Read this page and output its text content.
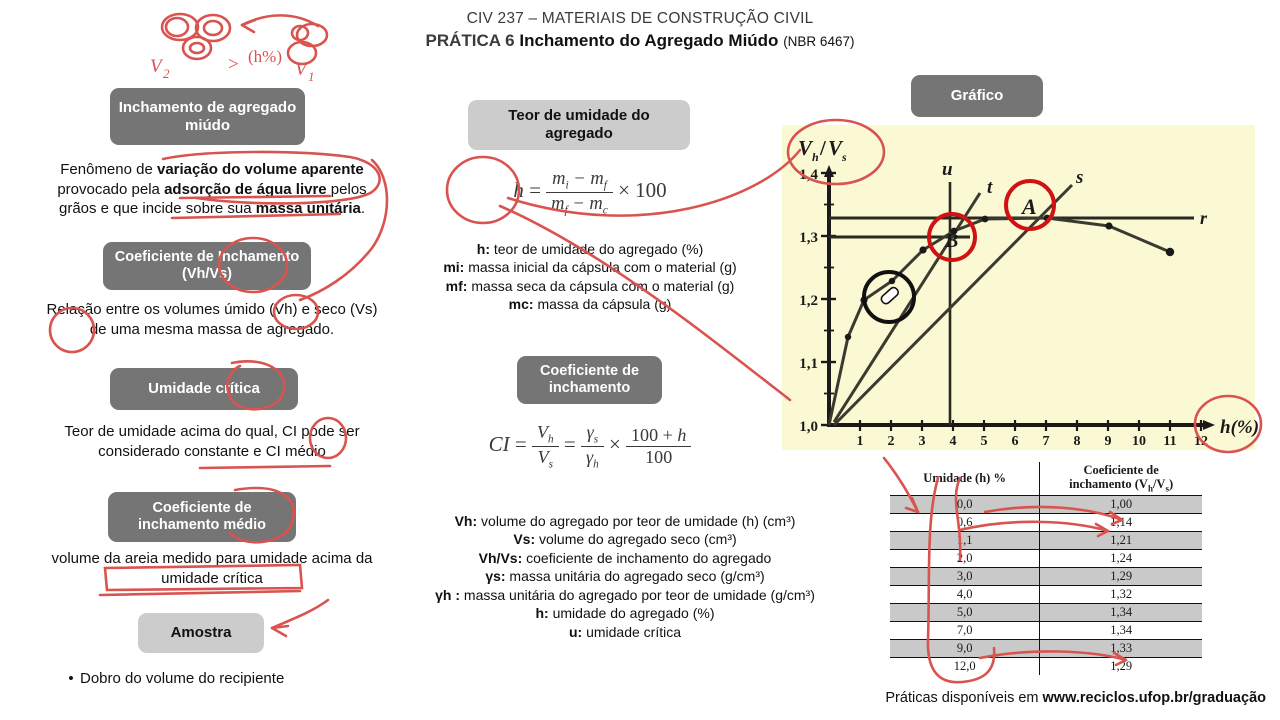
CIV 237 – MATERIAIS DE CONSTRUÇÃO CIVIL
PRÁTICA 6 Inchamento do Agregado Miúdo (NBR 6467)
Inchamento de agregado miúdo
Fenômeno de variação do volume aparente provocado pela adsorção de água livre pelos grãos e que incide sobre sua massa unitária.
Coeficiente de Inchamento (Vh/Vs)
Relação entre os volumes úmido (Vh) e seco (Vs) de uma mesma massa de agregado.
Umidade crítica
Teor de umidade acima do qual, CI pode ser considerado constante e CI médio
Coeficiente de inchamento médio
volume da areia medido para umidade acima da umidade crítica
Amostra
• Dobro do volume do recipiente
Teor de umidade do agregado
$h = \frac{m_i - m_f}{m_f - m_c} \times 100$
h: teor de umidade do agregado (%)
mi: massa inicial da cápsula com o material (g)
mf: massa seca da cápsula com o material (g)
mc: massa da cápsula (g)
Coeficiente de inchamento
CI = $\frac{V_h}{V_s} = \frac{\gamma_s}{\gamma_h} \times \frac{100 + h}{100}$
Vh: volume do agregado por teor de umidade (h) (cm³)
Vs: volume do agregado seco (cm³)
Vh/Vs: coeficiente de inchamento do agregado
γs: massa unitária do agregado seco (g/cm³)
γh : massa unitária do agregado por teor de umidade (g/cm³)
h: umidade do agregado (%)
u: umidade crítica
Gráfico
V h / V s
1,0
1,1
1,2
1,3
1,4
1 2 3 4 5 6 7 8 9 10 11 12
h(%)
r
u
t	s
A
B
Umidade (h) %	Coeficiente de
inchamento $(V_h/V_s)$
0,0	1,00
0,6	1,14
1,1	1,21
2,0	1,24
3,0	1,29
4,0	1,32
5,0	1,34
7,0	1,34
9,0	1,33
12,0	1,29
Práticas disponíveis em www.reciclos.ufop.br/graduação
V 2	> (h%)
V 1
